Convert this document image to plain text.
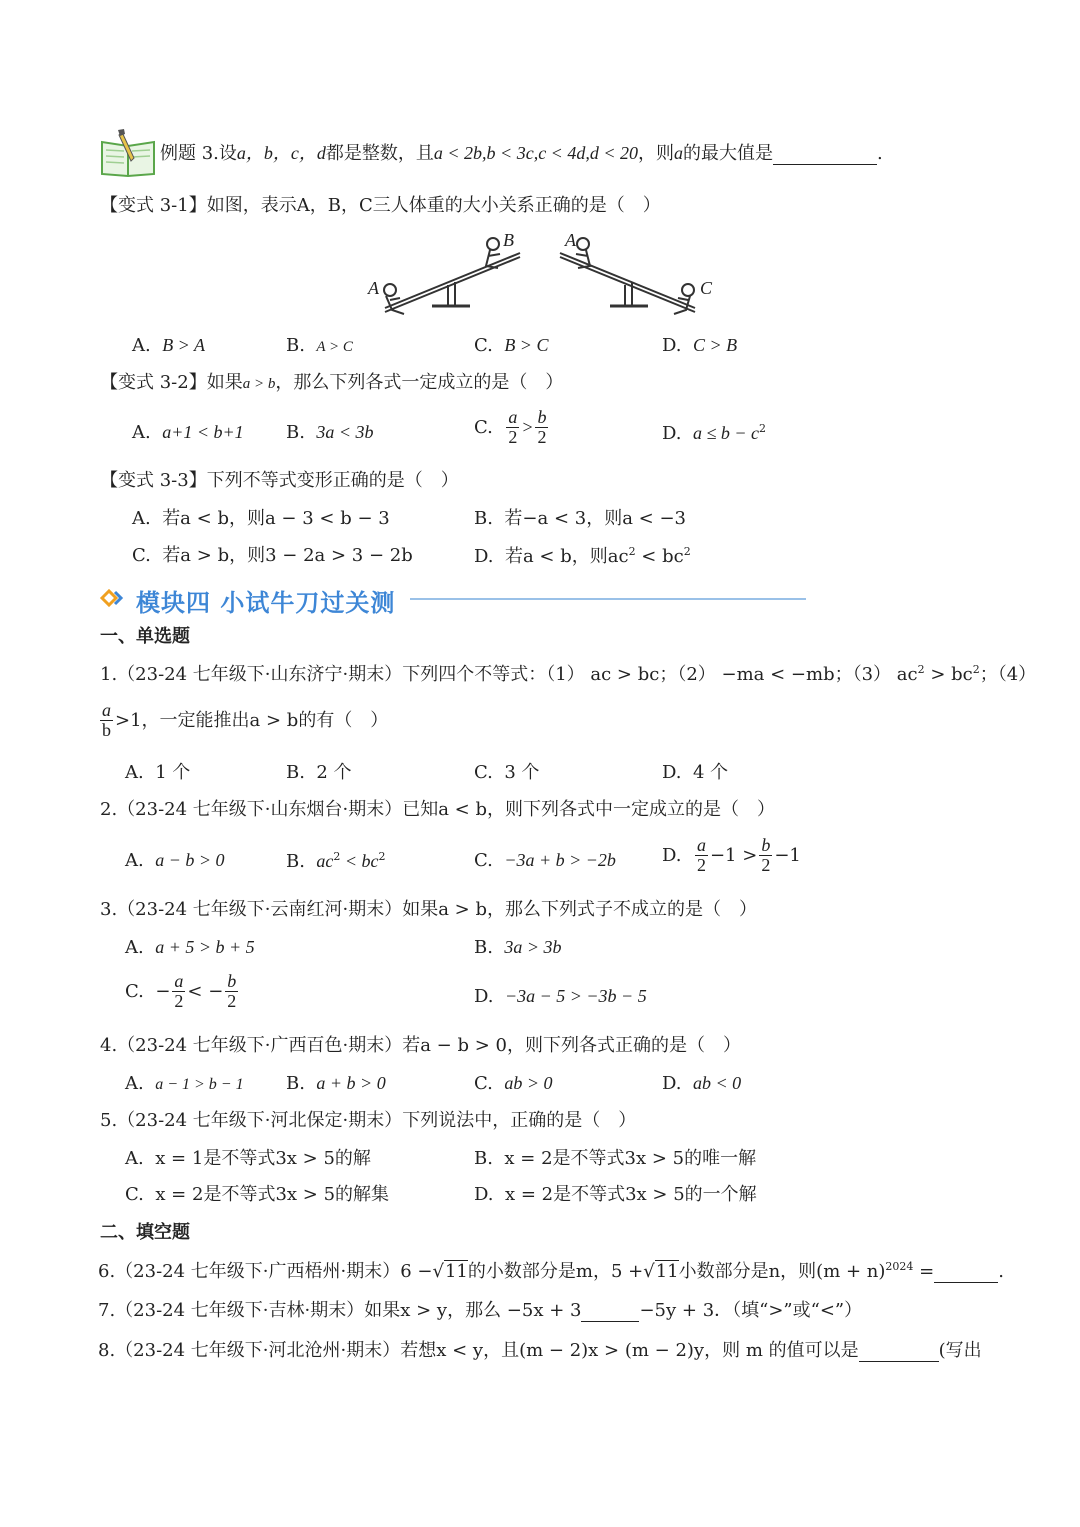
例题 3.设a，b，c，d都是整数，且a < 2b,b < 3c,c < 4d,d < 20，则a的最大值是	.
【变式 3-1】如图，表示A，B，C三人体重的大小关系正确的是（　）
A
B	A
C
A. B > A	B. A > C	C. B > C	D. C > B
【变式 3-2】如果a > b，那么下列各式一定成立的是（　）
A. a+1 < b+1 B. 3a < 3b	C.
$\frac{a}{2} > \frac{b}{2}$	D. $a \le b - c^2$
【变式 3-3】下列不等式变形正确的是（　）
A. 若a < b，则a − 3 < b − 3	B. 若−a < 3，则a < −3
C. 若a > b，则3 − 2a > 3 − 2b	D. 若a < b，则$ac^2 < bc^2$
模块四 小试牛刀过关测
一、单选题
1.（23-24 七年级下·山东济宁·期末）下列四个不等式：（1） ac > bc；（2） −ma < −mb；（3） $ac^2 > bc^2$；（4）
$\frac{a}{b} >1$，一定能推出a > b的有（　）
A. 1 个	B. 2 个	C. 3 个	D. 4 个
2.（23-24 七年级下·山东烟台·期末）已知a < b，则下列各式中一定成立的是（　）
A. a − b > 0	B. $ac^2 < bc^2$	C. −3a + b > −2b	D.
$\frac{a}{2} -1 > \frac{b}{2} -1$
3.（23-24 七年级下·云南红河·期末）如果a > b，那么下列式子不成立的是（　）
A. a + 5 > b + 5	B. 3a > 3b
C.
− $\frac{a}{2}$ < − $\frac{b}{2}$	D. −3a − 5 > −3b − 5
4.（23-24 七年级下·广西百色·期末）若a − b > 0，则下列各式正确的是（　）
A. a − 1 > b − 1 B. a + b > 0	C. ab > 0	D. ab < 0
5.（23-24 七年级下·河北保定·期末）下列说法中，正确的是（　）
A. x = 1是不等式3x > 5的解	B. x = 2是不等式3x > 5的唯一解
C. x = 2是不等式3x > 5的解集	D. x = 2是不等式3x > 5的一个解
二、填空题
6.（23-24 七年级下·广西梧州·期末）6 −√11的小数部分是m，5 +√11小数部分是n，则$(m + n)^{2024}$ =	.
7.（23-24 七年级下·吉林·期末）如果x > y，那么 −5x + 3	−5y + 3．（填“>”或“<”）
8.（23-24 七年级下·河北沧州·期末）若想x < y，且(m − 2)x > (m − 2)y，则 m 的值可以是	(写出
